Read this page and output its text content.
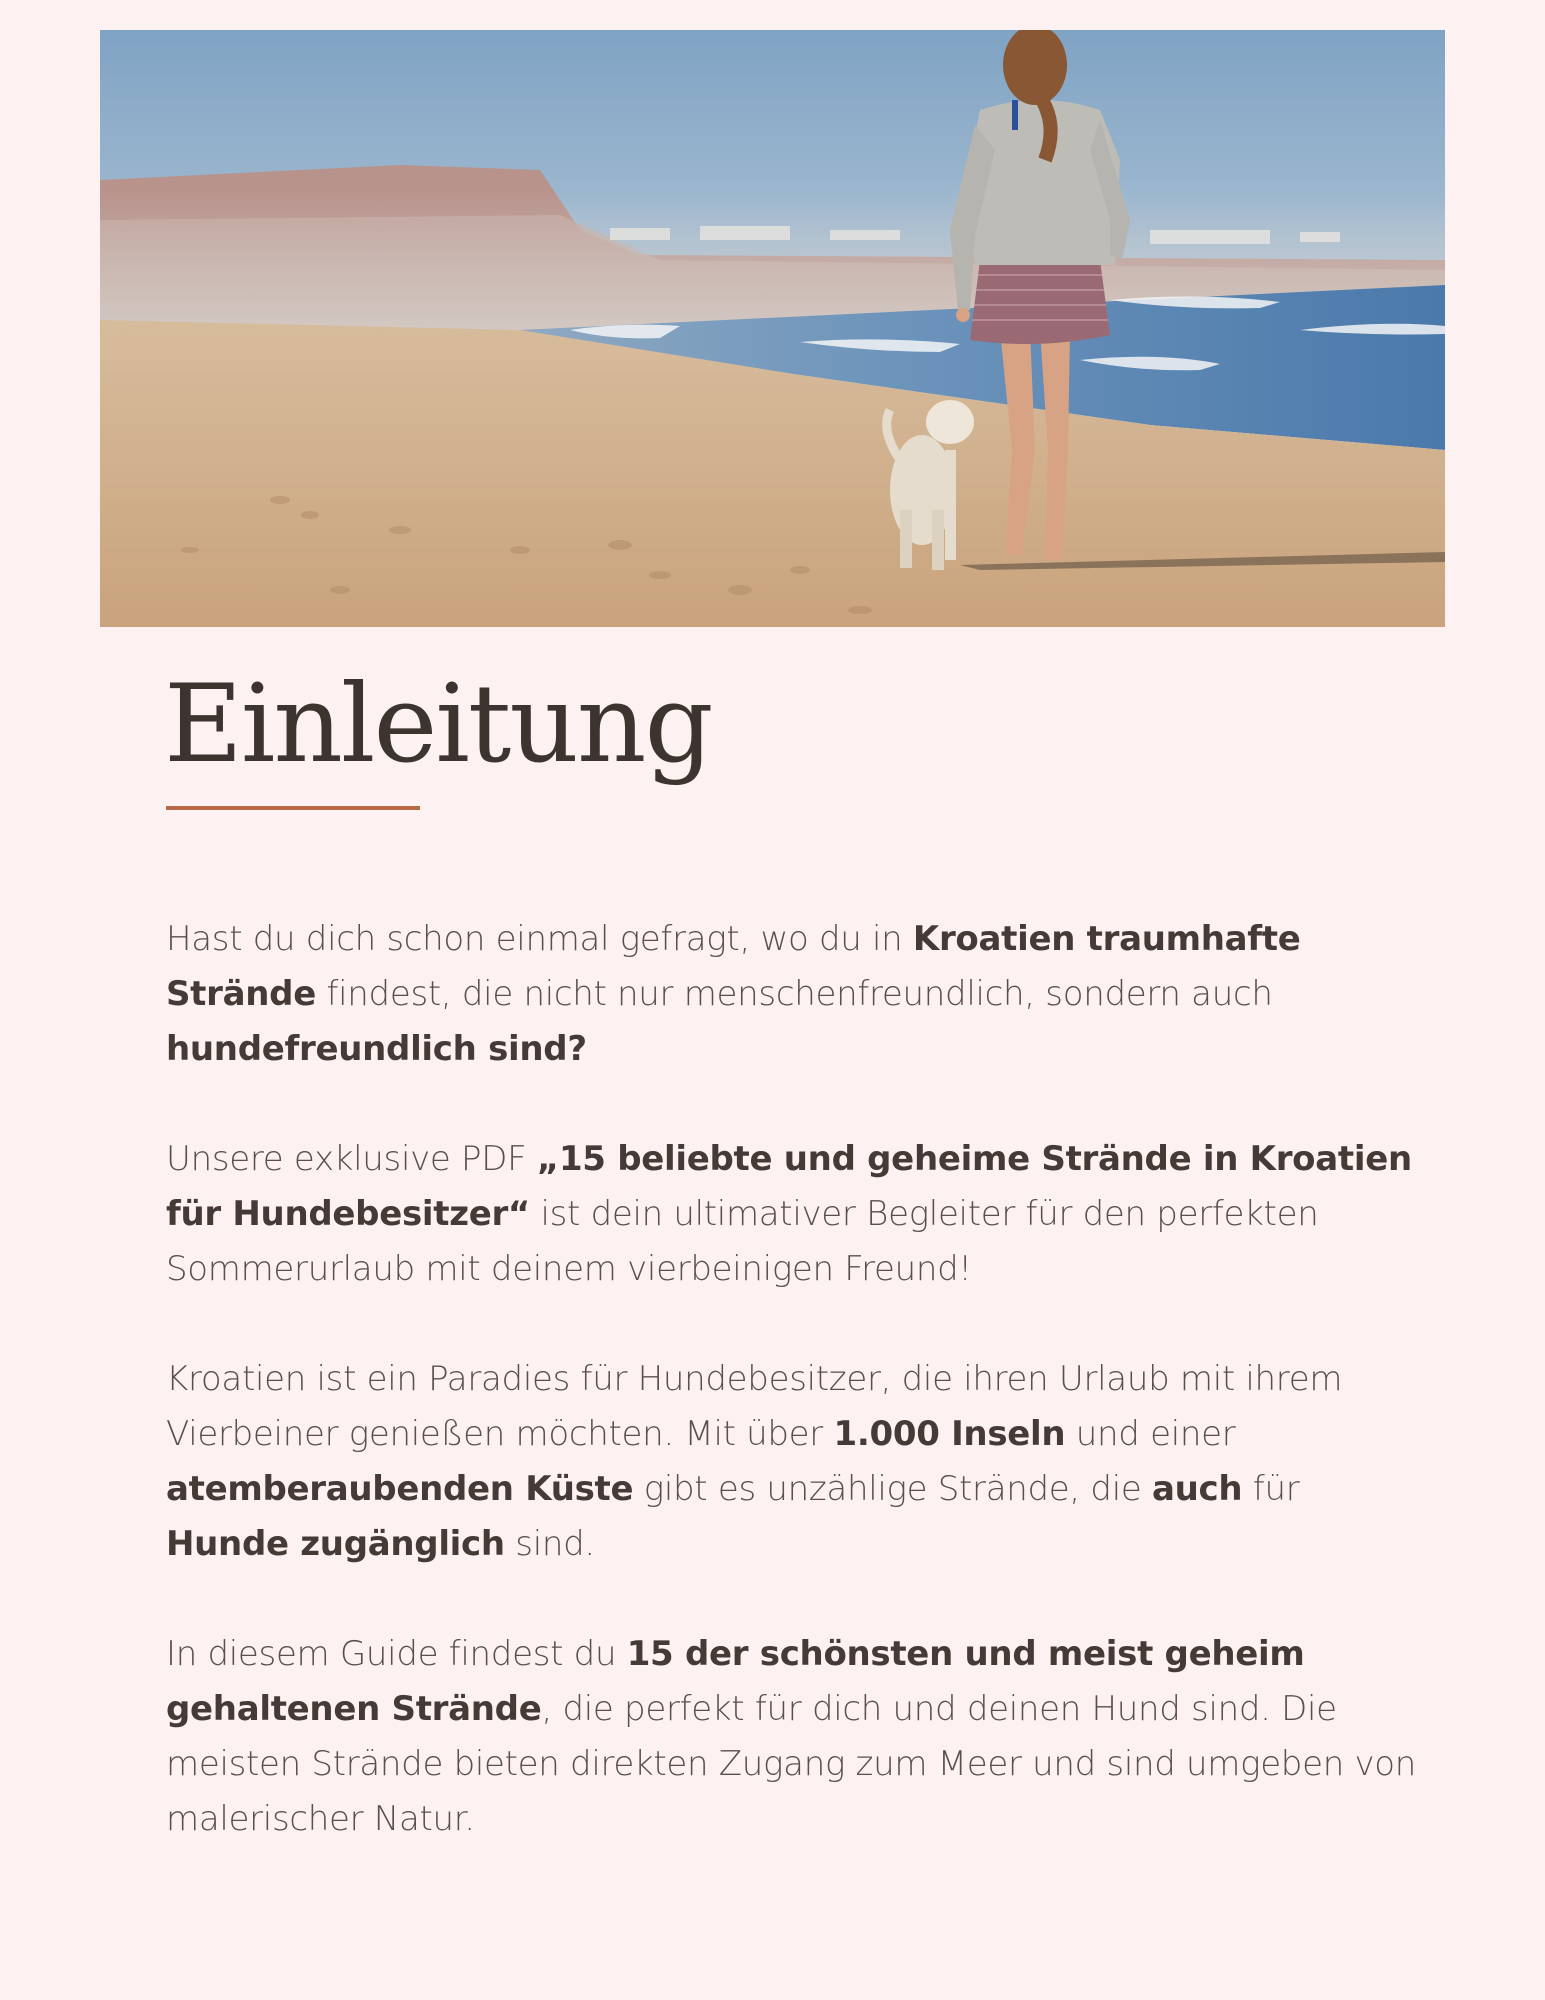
Einleitung

Hast du dich schon einmal gefragt, wo du in Kroatien traumhafte Strände findest, die nicht nur menschenfreundlich, sondern auch hundefreundlich sind?

Unsere exklusive PDF „15 beliebte und geheime Strände in Kroatien für Hundebesitzer“ ist dein ultimativer Begleiter für den perfekten Sommerurlaub mit deinem vierbeinigen Freund!

Kroatien ist ein Paradies für Hundebesitzer, die ihren Urlaub mit ihrem Vierbeiner genießen möchten. Mit über 1.000 Inseln und einer atemberaubenden Küste gibt es unzählige Strände, die auch für Hunde zugänglich sind.

In diesem Guide findest du 15 der schönsten und meist geheim gehaltenen Strände, die perfekt für dich und deinen Hund sind. Die meisten Strände bieten direkten Zugang zum Meer und sind umgeben von malerischer Natur.
